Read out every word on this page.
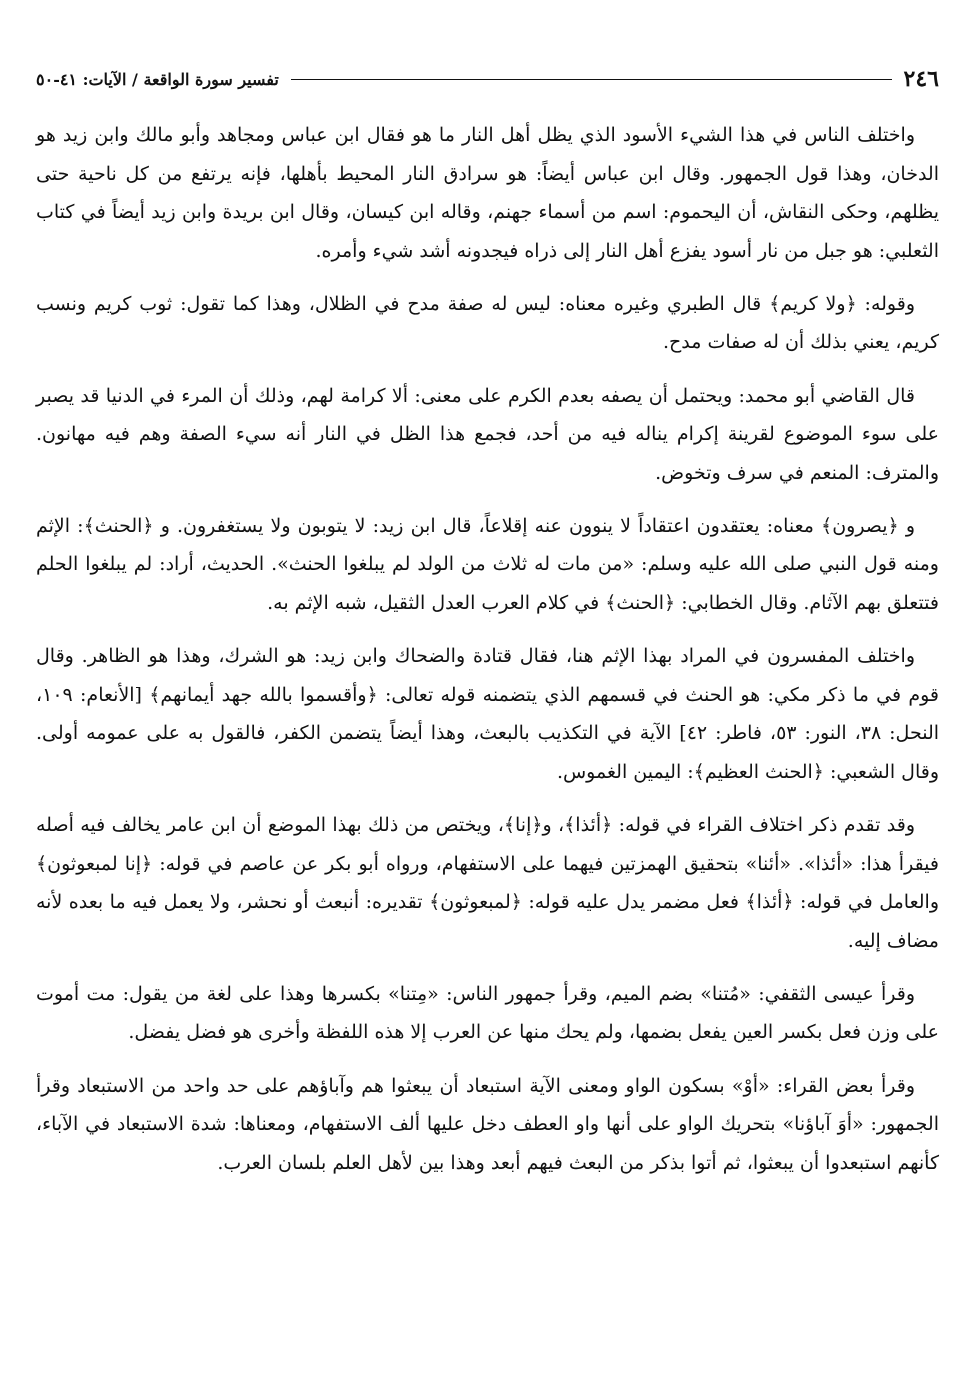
٢٤٦
تفسير سورة الواقعة / الآيات: ٤١-٥٠

واختلف الناس في هذا الشيء الأسود الذي يظل أهل النار ما هو فقال ابن عباس ومجاهد وأبو مالك وابن زيد هو الدخان، وهذا قول الجمهور. وقال ابن عباس أيضاً: هو سرادق النار المحيط بأهلها، فإنه يرتفع من كل ناحية حتى يظلهم، وحكى النقاش، أن اليحموم: اسم من أسماء جهنم، وقاله ابن كيسان، وقال ابن بريدة وابن زيد أيضاً في كتاب الثعلبي: هو جبل من نار أسود يفزع أهل النار إلى ذراه فيجدونه أشد شيء وأمره.

وقوله: ﴿ولا كريم﴾ قال الطبري وغيره معناه: ليس له صفة مدح في الظلال، وهذا كما تقول: ثوب كريم ونسب كريم، يعني بذلك أن له صفات مدح.

قال القاضي أبو محمد: ويحتمل أن يصفه بعدم الكرم على معنى: ألا كرامة لهم، وذلك أن المرء في الدنيا قد يصبر على سوء الموضوع لقرينة إكرام يناله فيه من أحد، فجمع هذا الظل في النار أنه سيء الصفة وهم فيه مهانون. والمترف: المنعم في سرف وتخوض.

و ﴿يصرون﴾ معناه: يعتقدون اعتقاداً لا ينوون عنه إقلاعاً، قال ابن زيد: لا يتوبون ولا يستغفرون. و ﴿الحنث﴾: الإثم ومنه قول النبي صلى الله عليه وسلم: «من مات له ثلاث من الولد لم يبلغوا الحنث». الحديث، أراد: لم يبلغوا الحلم فتتعلق بهم الآثام. وقال الخطابي: ﴿الحنث﴾ في كلام العرب العدل الثقيل، شبه الإثم به.

واختلف المفسرون في المراد بهذا الإثم هنا، فقال قتادة والضحاك وابن زيد: هو الشرك، وهذا هو الظاهر. وقال قوم في ما ذكر مكي: هو الحنث في قسمهم الذي يتضمنه قوله تعالى: ﴿وأقسموا بالله جهد أيمانهم﴾ [الأنعام: ١٠٩، النحل: ٣٨، النور: ٥٣، فاطر: ٤٢] الآية في التكذيب بالبعث، وهذا أيضاً يتضمن الكفر، فالقول به على عمومه أولى. وقال الشعبي: ﴿الحنث العظيم﴾: اليمين الغموس.

وقد تقدم ذكر اختلاف القراء في قوله: ﴿أئذا﴾، و﴿إنا﴾، ويختص من ذلك بهذا الموضع أن ابن عامر يخالف فيه أصله فيقرأ هذا: «أئذا». «أئنا» بتحقيق الهمزتين فيهما على الاستفهام، ورواه أبو بكر عن عاصم في قوله: ﴿إنا لمبعوثون﴾ والعامل في قوله: ﴿أئذا﴾ فعل مضمر يدل عليه قوله: ﴿لمبعوثون﴾ تقديره: أنبعث أو نحشر، ولا يعمل فيه ما بعده لأنه مضاف إليه.

وقرأ عيسى الثقفي: «مُتنا» بضم الميم، وقرأ جمهور الناس: «مِتنا» بكسرها وهذا على لغة من يقول: مت أموت على وزن فعل بكسر العين يفعل بضمها، ولم يحك منها عن العرب إلا هذه اللفظة وأخرى هو فضل يفضل.

وقرأ بعض القراء: «أوْ» بسكون الواو ومعنى الآية استبعاد أن يبعثوا هم وآباؤهم على حد واحد من الاستبعاد وقرأ الجمهور: «أوَ آباؤنا» بتحريك الواو على أنها واو العطف دخل عليها ألف الاستفهام، ومعناها: شدة الاستبعاد في الآباء، كأنهم استبعدوا أن يبعثوا، ثم أتوا بذكر من البعث فيهم أبعد وهذا بين لأهل العلم بلسان العرب.
